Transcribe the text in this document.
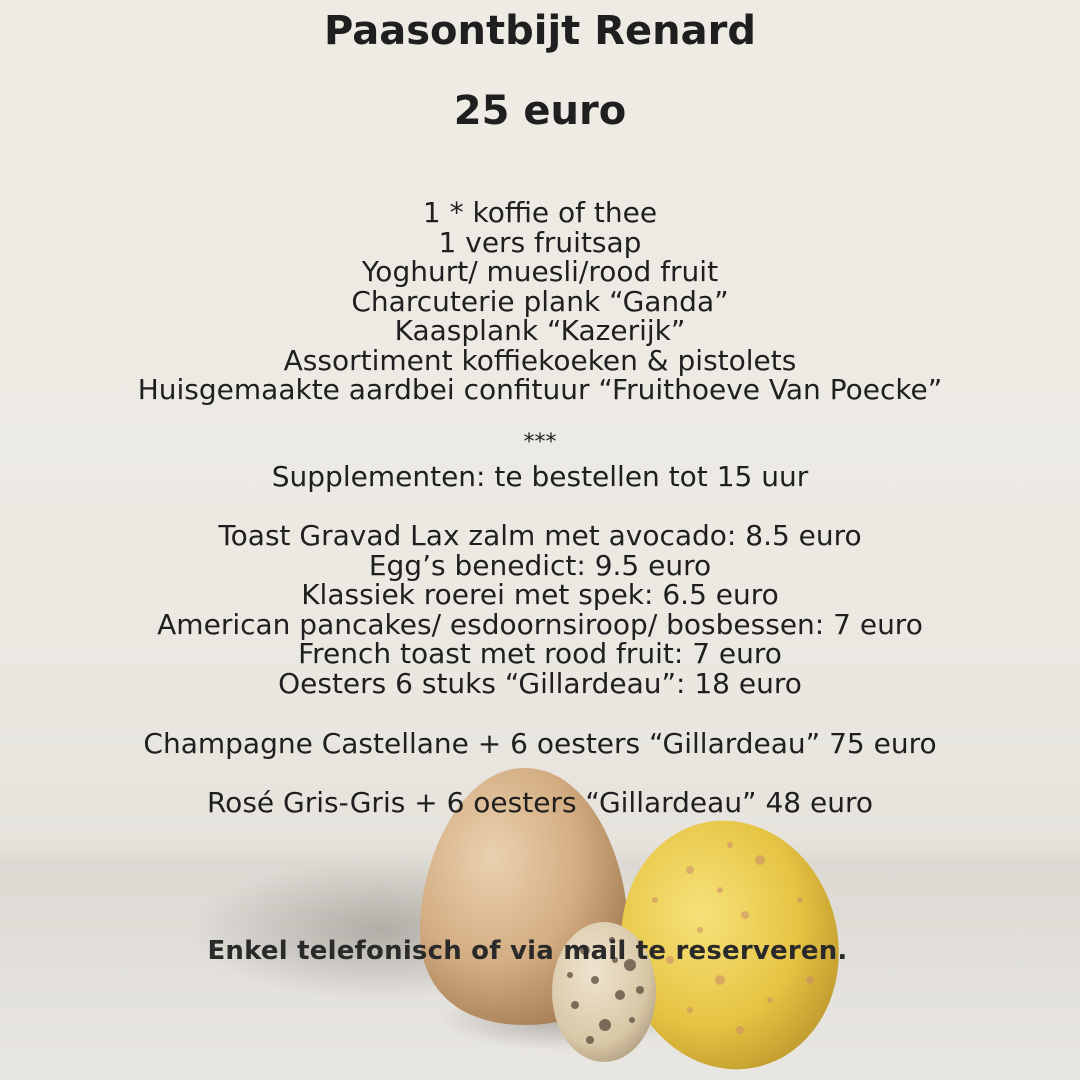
Paasontbijt Renard
25 euro
1 * koffie of thee
1 vers fruitsap
Yoghurt/ muesli/rood fruit
Charcuterie plank “Ganda”
Kaasplank “Kazerijk”
Assortiment koffiekoeken & pistolets
Huisgemaakte aardbei confituur “Fruithoeve Van Poecke”
***
Supplementen: te bestellen tot 15 uur
Toast Gravad Lax zalm met avocado: 8.5 euro
Egg’s benedict: 9.5 euro
Klassiek roerei met spek: 6.5 euro
American pancakes/ esdoornsiroop/ bosbessen: 7 euro
French toast met rood fruit: 7 euro
Oesters 6 stuks “Gillardeau”: 18 euro
Champagne Castellane + 6 oesters “Gillardeau” 75 euro
Rosé Gris-Gris + 6 oesters “Gillardeau” 48 euro
Enkel telefonisch of via mail te reserveren.
